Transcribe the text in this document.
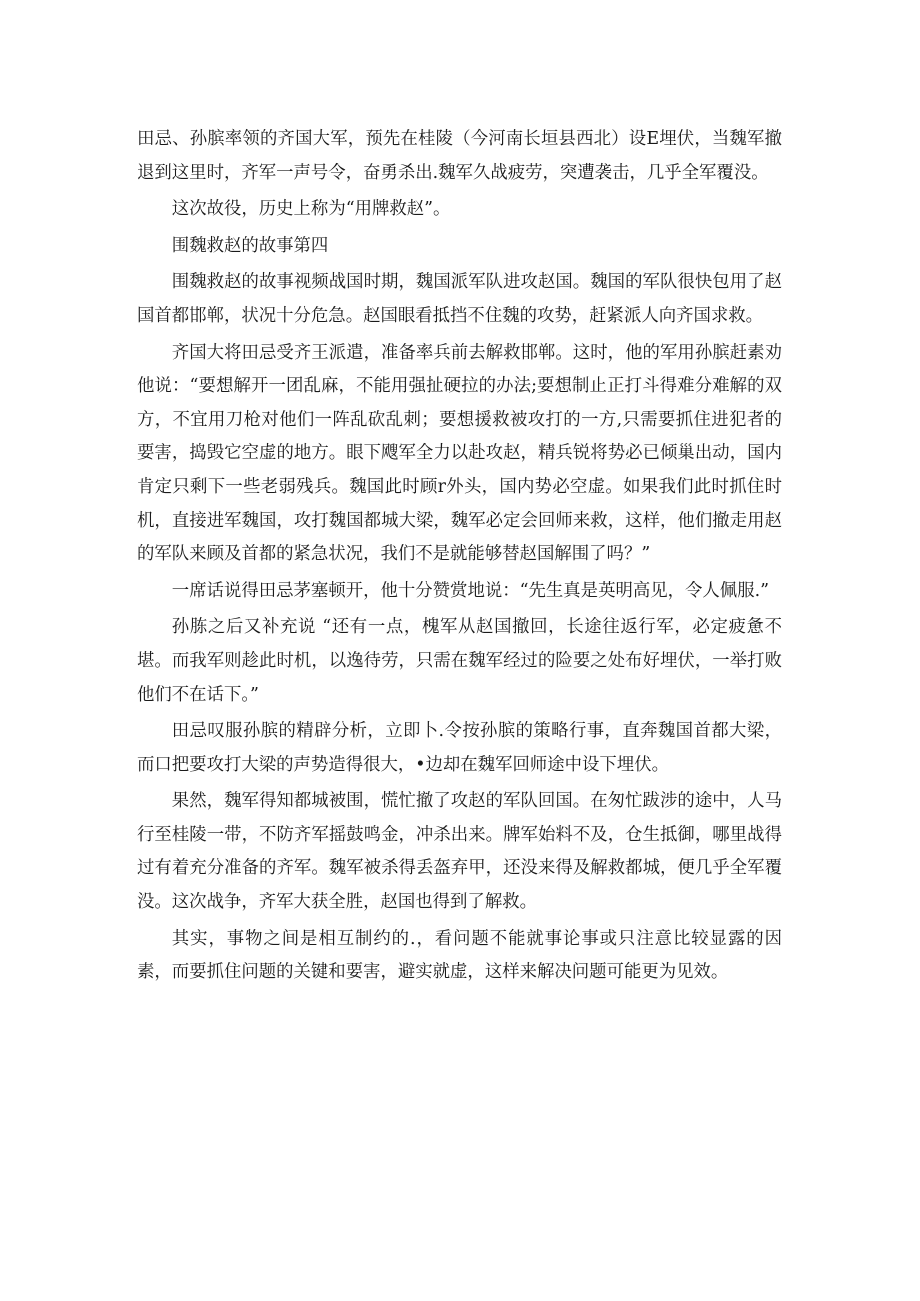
田忌、孙膑率领的齐国大军，预先在桂陵（今河南长垣县西北）设E埋伏，当魏军撤退到这里时，齐军一声号令，奋勇杀出.魏军久战疲劳，突遭袭击，几乎全军覆没。

这次故役，历史上称为“用牌救赵”。

围魏救赵的故事第四

围魏救赵的故事视频战国时期，魏国派军队进攻赵国。魏国的军队很快包用了赵国首都邯郸，状况十分危急。赵国眼看抵挡不住魏的攻势，赶紧派人向齐国求救。

齐国大将田忌受齐王派遣，准备率兵前去解救邯郸。这时，他的军用孙膑赶素劝他说：“要想解开一团乱麻，不能用强扯硬拉的办法;要想制止正打斗得难分难解的双方，不宜用刀枪对他们一阵乱砍乱刺；要想援救被攻打的一方,只需要抓住进犯者的要害，捣毁它空虚的地方。眼下飕军全力以赴攻赵，精兵锐将势必已倾巢出动，国内肯定只剩下一些老弱残兵。魏国此时顾r外头，国内势必空虚。如果我们此时抓住时机，直接进军魏国，攻打魏国都城大梁，魏军必定会回师来救，这样，他们撤走用赵的军队来顾及首都的紧急状况，我们不是就能够替赵国解围了吗？”

一席话说得田忌茅塞顿开，他十分赞赏地说：“先生真是英明高见，令人佩服.”

孙胨之后又补充说 “还有一点，槐军从赵国撤回，长途往返行军，必定疲惫不堪。而我军则趁此时机，以逸待劳，只需在魏军经过的险要之处布好埋伏，一举打败他们不在话下。”

田忌叹服孙膑的精辟分析，立即卜.令按孙膑的策略行事，直奔魏国首都大梁，而口把要攻打大梁的声势造得很大，•边却在魏军回师途中设下埋伏。

果然，魏军得知都城被围，慌忙撤了攻赵的军队回国。在匆忙跋涉的途中，人马行至桂陵一带，不防齐军摇鼓鸣金，冲杀出来。牌军始料不及，仓生抵御，哪里战得过有着充分准备的齐军。魏军被杀得丢盔弃甲，还没来得及解救都城，便几乎全军覆没。这次战争，齐军大获全胜，赵国也得到了解救。

其实，事物之间是相互制约的.，看问题不能就事论事或只注意比较显露的因素，而要抓住问题的关键和要害，避实就虚，这样来解决问题可能更为见效。
